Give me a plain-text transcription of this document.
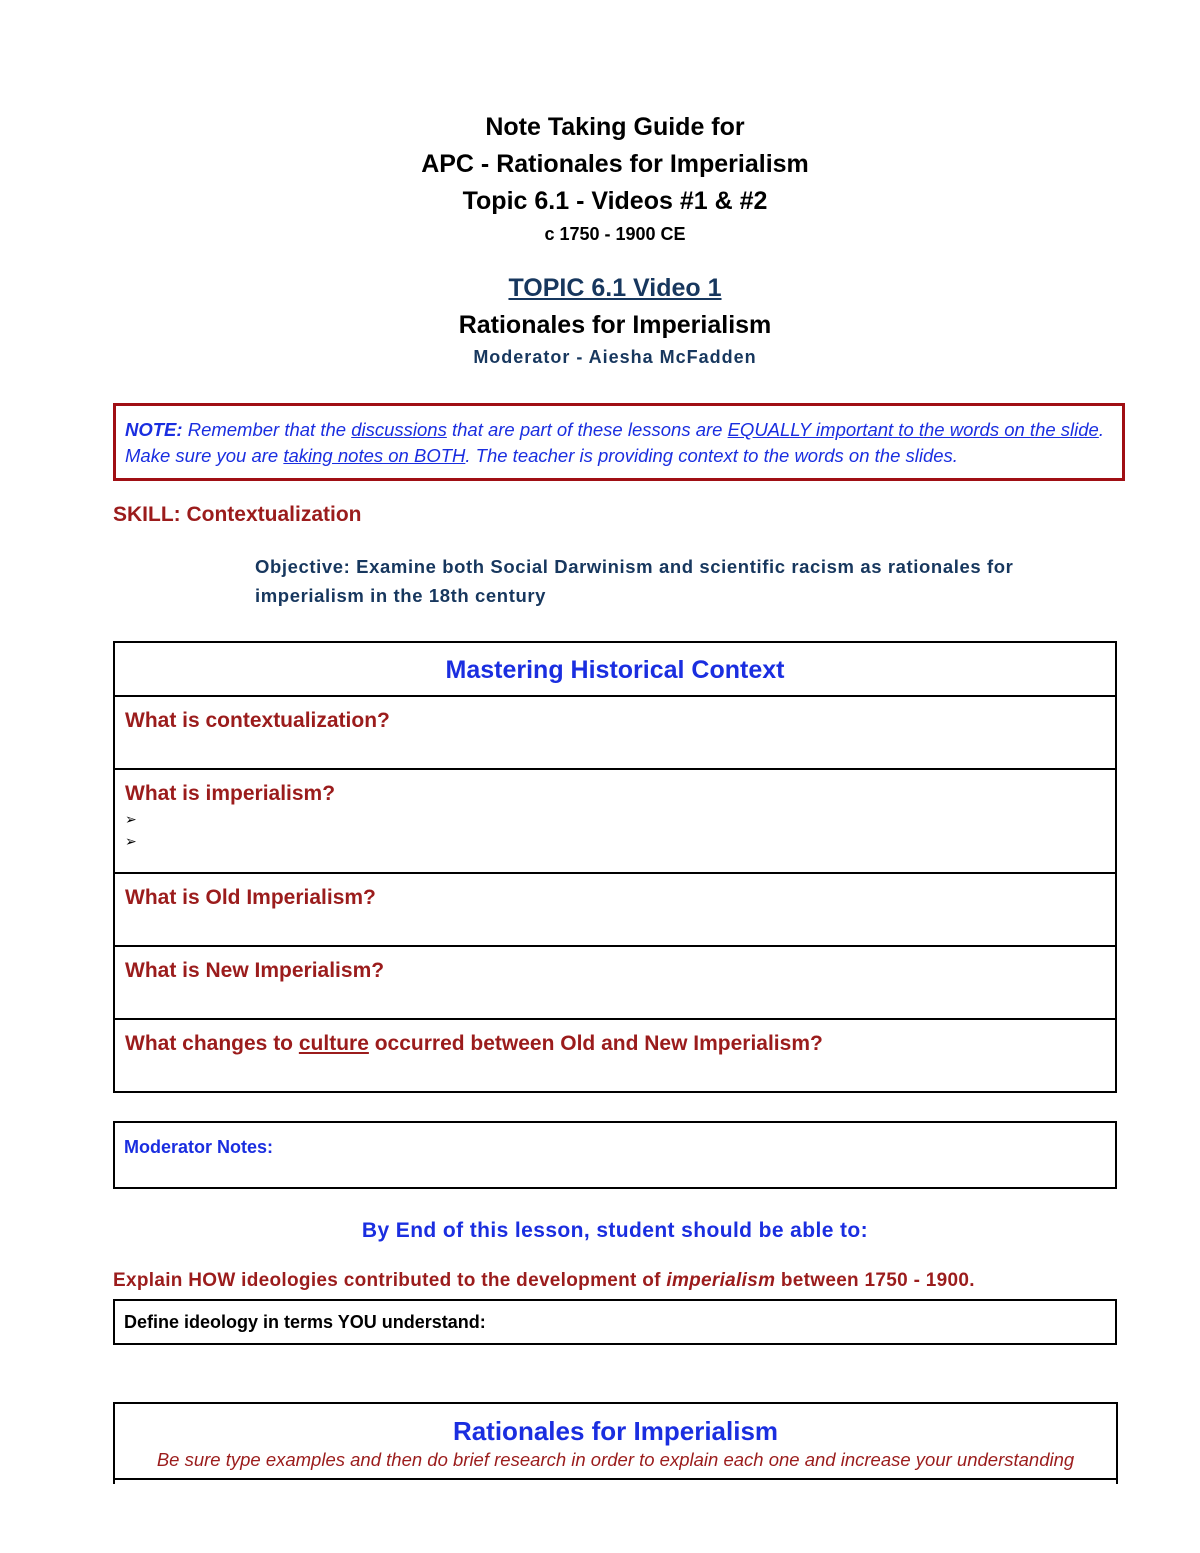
Note Taking Guide for
APC - Rationales for Imperialism
Topic 6.1 - Videos #1 & #2
c 1750 - 1900 CE
TOPIC 6.1 Video 1
Rationales for Imperialism
Moderator - Aiesha McFadden
NOTE: Remember that the discussions that are part of these lessons are EQUALLY important to the words on the slide. Make sure you are taking notes on BOTH. The teacher is providing context to the words on the slides.
SKILL: Contextualization
Objective: Examine both Social Darwinism and scientific racism as rationales for imperialism in the 18th century
Mastering Historical Context
What is contextualization?
What is imperialism?
➢
➢
What is Old Imperialism?
What is New Imperialism?
What changes to culture occurred between Old and New Imperialism?
Moderator Notes:
By End of this lesson, student should be able to:
Explain HOW ideologies contributed to the development of imperialism between 1750 - 1900.
Define ideology in terms YOU understand:
Rationales for Imperialism
Be sure type examples and then do brief research in order to explain each one and increase your understanding
